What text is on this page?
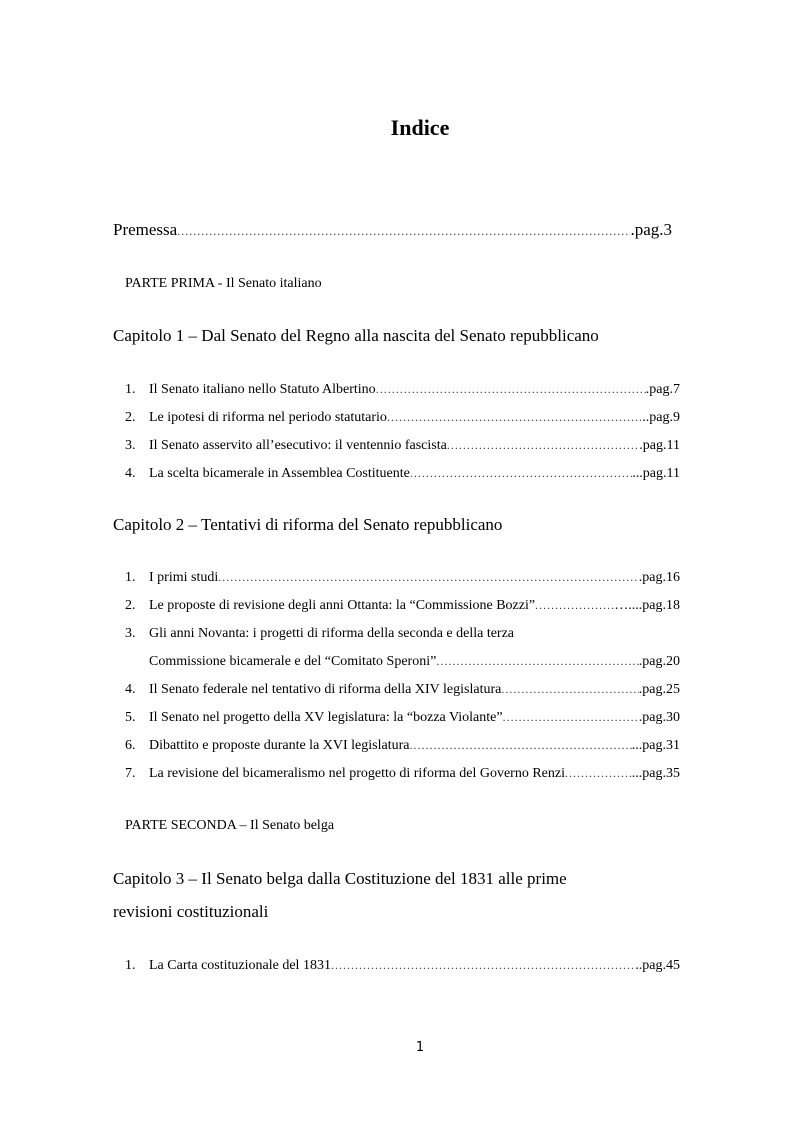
Indice
Premessa .....	.pag.3
PARTE PRIMA - Il Senato italiano
Capitolo 1 – Dal Senato del Regno alla nascita del Senato repubblicano
1. Il Senato italiano nello Statuto Albertino .....	.pag.7
2. Le ipotesi di riforma nel periodo statutario .....	..pag.9
3. Il Senato asservito all’esecutivo: il ventennio fascista .....	.pag.11
4. La scelta bicamerale in Assemblea Costituente .....	...pag.11
Capitolo 2 – Tentativi di riforma del Senato repubblicano
1. I primi studi .....	.pag.16
2. Le proposte di revisione degli anni Ottanta: la “Commissione Bozzi” .....	…....pag.18
3. Gli anni Novanta: i progetti di riforma della seconda e della terza
Commissione bicamerale e del “Comitato Speroni” .....	.pag.20
4. Il Senato federale nel tentativo di riforma della XIV legislatura .....	.pag.25
5. Il Senato nel progetto della XV legislatura: la “bozza Violante” .....	.pag.30
6. Dibattito e proposte durante la XVI legislatura .....	...pag.31
7. La revisione del bicameralismo nel progetto di riforma del Governo Renzi .....	...pag.35
PARTE SECONDA – Il Senato belga
Capitolo 3 – Il Senato belga dalla Costituzione del 1831 alle prime
revisioni costituzionali
1. La Carta costituzionale del 1831 .....	..pag.45
1
